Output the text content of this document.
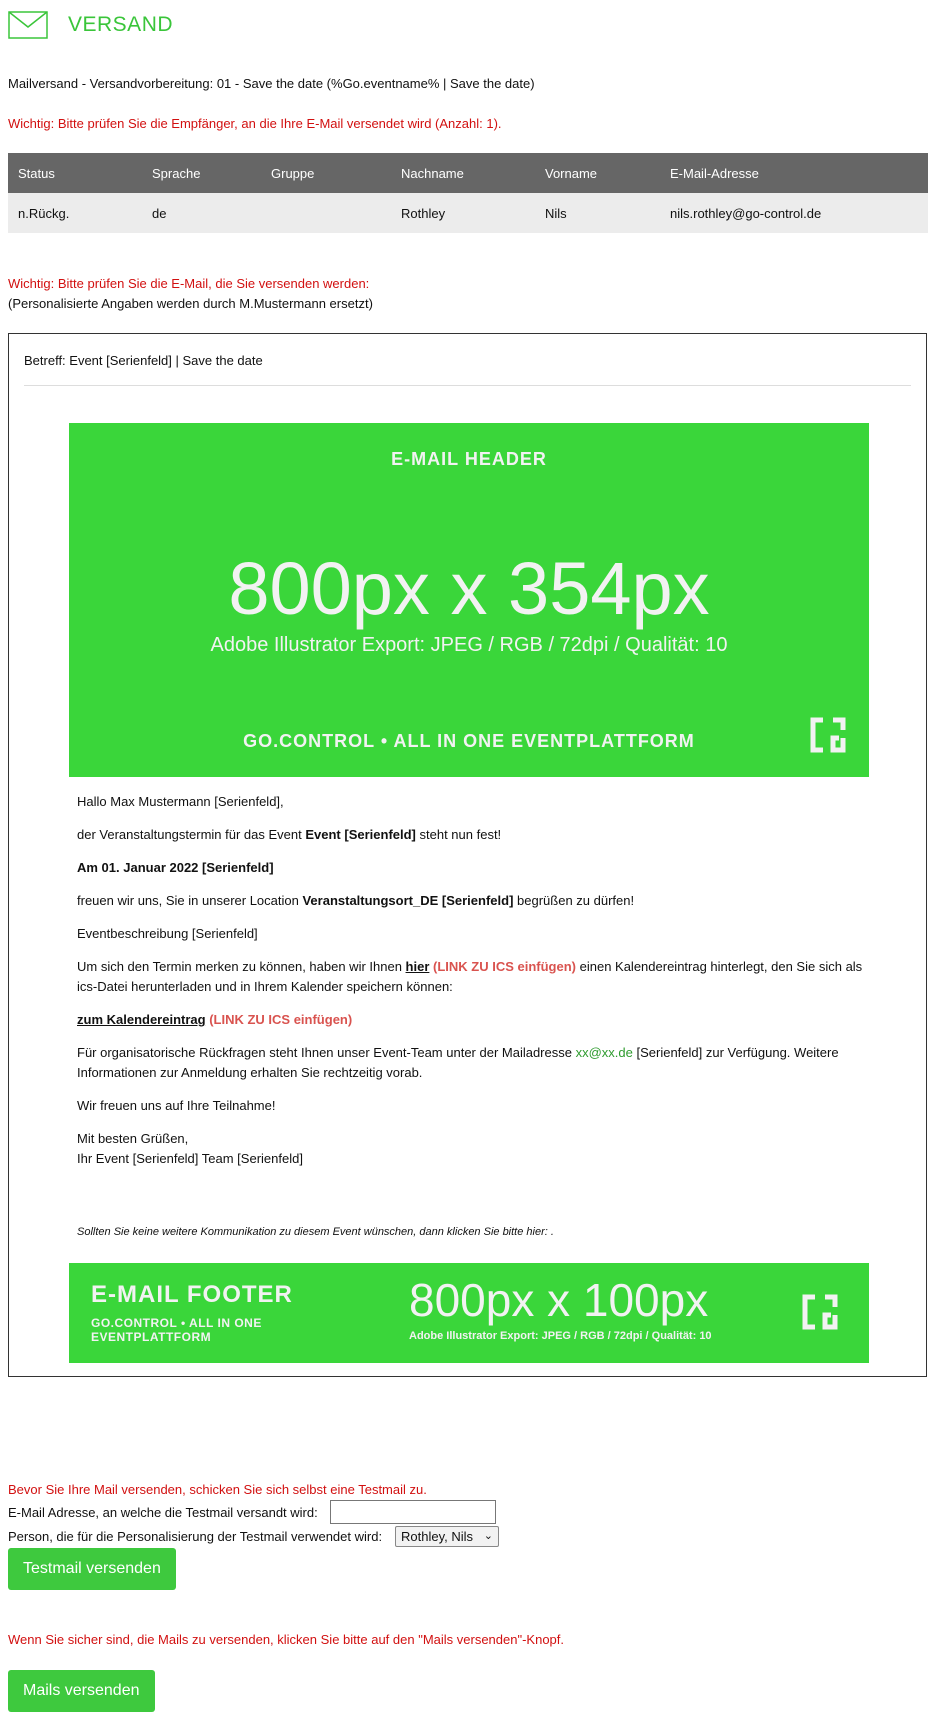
VERSAND
Mailversand - Versandvorbereitung: 01 - Save the date (%Go.eventname% | Save the date)
Wichtig: Bitte prüfen Sie die Empfänger, an die Ihre E-Mail versendet wird (Anzahl: 1).
Status	Sprache	Gruppe	Nachname	Vorname	E-Mail-Adresse
n.Rückg.	de		Rothley	Nils	nils.rothley@go-control.de
Wichtig: Bitte prüfen Sie die E-Mail, die Sie versenden werden:
(Personalisierte Angaben werden durch M.Mustermann ersetzt)
Betreff: Event [Serienfeld] | Save the date
E-MAIL HEADER
800px x 354px
Adobe Illustrator Export: JPEG / RGB / 72dpi / Qualität: 10
GO.CONTROL • ALL IN ONE EVENTPLATTFORM

Hallo Max Mustermann [Serienfeld],

der Veranstaltungstermin für das Event Event [Serienfeld] steht nun fest!

Am 01. Januar 2022 [Serienfeld]

freuen wir uns, Sie in unserer Location Veranstaltungsort_DE [Serienfeld] begrüßen zu dürfen!

Eventbeschreibung [Serienfeld]

Um sich den Termin merken zu können, haben wir Ihnen hier (LINK ZU ICS einfügen) einen Kalendereintrag hinterlegt, den Sie sich als ics-Datei herunterladen und in Ihrem Kalender speichern können:

zum Kalendereintrag (LINK ZU ICS einfügen)

Für organisatorische Rückfragen steht Ihnen unser Event-Team unter der Mailadresse xx@xx.de [Serienfeld] zur Verfügung. Weitere Informationen zur Anmeldung erhalten Sie rechtzeitig vorab.

Wir freuen uns auf Ihre Teilnahme!

Mit besten Grüßen,
Ihr Event [Serienfeld] Team [Serienfeld]

Sollten Sie keine weitere Kommunikation zu diesem Event wünschen, dann klicken Sie bitte hier: .
E-MAIL FOOTER
GO.CONTROL • ALL IN ONE EVENTPLATTFORM
800px x 100px
Adobe Illustrator Export: JPEG / RGB / 72dpi / Qualität: 10
Bevor Sie Ihre Mail versenden, schicken Sie sich selbst eine Testmail zu.
E-Mail Adresse, an welche die Testmail versandt wird:
Person, die für die Personalisierung der Testmail verwendet wird:	Rothley, Nils ⌄
Testmail versenden
Wenn Sie sicher sind, die Mails zu versenden, klicken Sie bitte auf den "Mails versenden"-Knopf.
Mails versenden
